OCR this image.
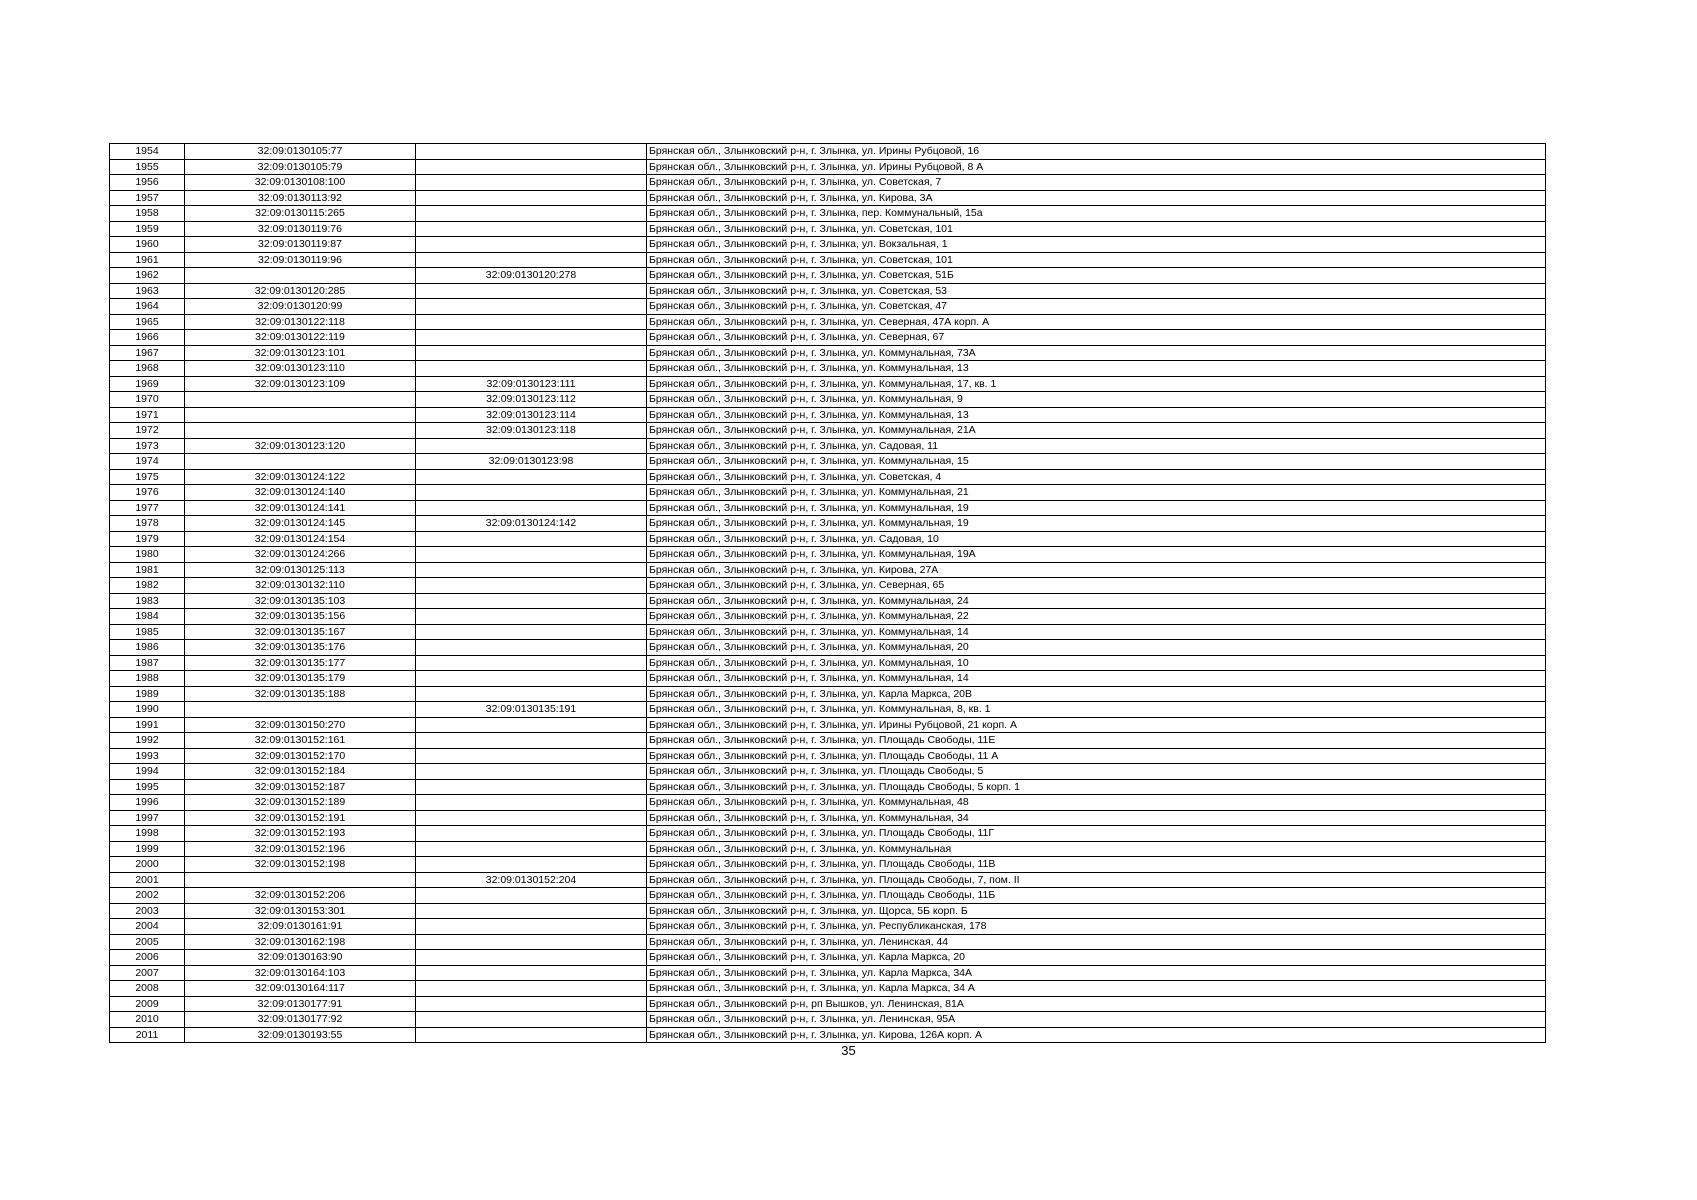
1954	32:09:0130105:77		Брянская обл., Злынковский р-н, г. Злынка, ул. Ирины Рубцовой, 16
1955	32:09:0130105:79		Брянская обл., Злынковский р-н, г. Злынка, ул. Ирины Рубцовой, 8 А
1956	32:09:0130108:100		Брянская обл., Злынковский р-н, г. Злынка, ул. Советская, 7
1957	32:09:0130113:92		Брянская обл., Злынковский р-н, г. Злынка, ул. Кирова, 3А
1958	32:09:0130115:265		Брянская обл., Злынковский р-н, г. Злынка, пер. Коммунальный, 15а
1959	32:09:0130119:76		Брянская обл., Злынковский р-н, г. Злынка, ул. Советская, 101
1960	32:09:0130119:87		Брянская обл., Злынковский р-н, г. Злынка, ул. Вокзальная, 1
1961	32:09:0130119:96		Брянская обл., Злынковский р-н, г. Злынка, ул. Советская, 101
1962		32:09:0130120:278	Брянская обл., Злынковский р-н, г. Злынка, ул. Советская, 51Б
1963	32:09:0130120:285		Брянская обл., Злынковский р-н, г. Злынка, ул. Советская, 53
1964	32:09:0130120:99		Брянская обл., Злынковский р-н, г. Злынка, ул. Советская, 47
1965	32:09:0130122:118		Брянская обл., Злынковский р-н, г. Злынка, ул. Северная, 47А корп. А
1966	32:09:0130122:119		Брянская обл., Злынковский р-н, г. Злынка, ул. Северная, 67
1967	32:09:0130123:101		Брянская обл., Злынковский р-н, г. Злынка, ул. Коммунальная, 73А
1968	32:09:0130123:110		Брянская обл., Злынковский р-н, г. Злынка, ул. Коммунальная, 13
1969	32:09:0130123:109	32:09:0130123:111	Брянская обл., Злынковский р-н, г. Злынка, ул. Коммунальная, 17, кв. 1
1970		32:09:0130123:112	Брянская обл., Злынковский р-н, г. Злынка, ул. Коммунальная, 9
1971		32:09:0130123:114	Брянская обл., Злынковский р-н, г. Злынка, ул. Коммунальная, 13
1972		32:09:0130123:118	Брянская обл., Злынковский р-н, г. Злынка, ул. Коммунальная, 21А
1973	32:09:0130123:120		Брянская обл., Злынковский р-н, г. Злынка, ул. Садовая, 11
1974		32:09:0130123:98	Брянская обл., Злынковский р-н, г. Злынка, ул. Коммунальная, 15
1975	32:09:0130124:122		Брянская обл., Злынковский р-н, г. Злынка, ул. Советская, 4
1976	32:09:0130124:140		Брянская обл., Злынковский р-н, г. Злынка, ул. Коммунальная, 21
1977	32:09:0130124:141		Брянская обл., Злынковский р-н, г. Злынка, ул. Коммунальная, 19
1978	32:09:0130124:145	32:09:0130124:142	Брянская обл., Злынковский р-н, г. Злынка, ул. Коммунальная, 19
1979	32:09:0130124:154		Брянская обл., Злынковский р-н, г. Злынка, ул. Садовая, 10
1980	32:09:0130124:266		Брянская обл., Злынковский р-н, г. Злынка, ул. Коммунальная, 19А
1981	32:09:0130125:113		Брянская обл., Злынковский р-н, г. Злынка, ул. Кирова, 27А
1982	32:09:0130132:110		Брянская обл., Злынковский р-н, г. Злынка, ул. Северная, 65
1983	32:09:0130135:103		Брянская обл., Злынковский р-н, г. Злынка, ул. Коммунальная, 24
1984	32:09:0130135:156		Брянская обл., Злынковский р-н, г. Злынка, ул. Коммунальная, 22
1985	32:09:0130135:167		Брянская обл., Злынковский р-н, г. Злынка, ул. Коммунальная, 14
1986	32:09:0130135:176		Брянская обл., Злынковский р-н, г. Злынка, ул. Коммунальная, 20
1987	32:09:0130135:177		Брянская обл., Злынковский р-н, г. Злынка, ул. Коммунальная, 10
1988	32:09:0130135:179		Брянская обл., Злынковский р-н, г. Злынка, ул. Коммунальная, 14
1989	32:09:0130135:188		Брянская обл., Злынковский р-н, г. Злынка, ул. Карла Маркса, 20В
1990		32:09:0130135:191	Брянская обл., Злынковский р-н, г. Злынка, ул. Коммунальная, 8, кв. 1
1991	32:09:0130150:270		Брянская обл., Злынковский р-н, г. Злынка, ул. Ирины Рубцовой, 21 корп. А
1992	32:09:0130152:161		Брянская обл., Злынковский р-н, г. Злынка, ул. Площадь Свободы, 11Е
1993	32:09:0130152:170		Брянская обл., Злынковский р-н, г. Злынка, ул. Площадь Свободы, 11 А
1994	32:09:0130152:184		Брянская обл., Злынковский р-н, г. Злынка, ул. Площадь Свободы, 5
1995	32:09:0130152:187		Брянская обл., Злынковский р-н, г. Злынка, ул. Площадь Свободы, 5 корп. 1
1996	32:09:0130152:189		Брянская обл., Злынковский р-н, г. Злынка, ул. Коммунальная, 48
1997	32:09:0130152:191		Брянская обл., Злынковский р-н, г. Злынка, ул. Коммунальная, 34
1998	32:09:0130152:193		Брянская обл., Злынковский р-н, г. Злынка, ул. Площадь Свободы, 11Г
1999	32:09:0130152:196		Брянская обл., Злынковский р-н, г. Злынка, ул. Коммунальная
2000	32:09:0130152:198		Брянская обл., Злынковский р-н, г. Злынка, ул. Площадь Свободы, 11В
2001		32:09:0130152:204	Брянская обл., Злынковский р-н, г. Злынка, ул. Площадь Свободы, 7, пом. II
2002	32:09:0130152:206		Брянская обл., Злынковский р-н, г. Злынка, ул. Площадь Свободы, 11Б
2003	32:09:0130153:301		Брянская обл., Злынковский р-н, г. Злынка, ул. Щорса, 5Б корп. Б
2004	32:09:0130161:91		Брянская обл., Злынковский р-н, г. Злынка, ул. Республиканская, 178
2005	32:09:0130162:198		Брянская обл., Злынковский р-н, г. Злынка, ул. Ленинская, 44
2006	32:09:0130163:90		Брянская обл., Злынковский р-н, г. Злынка, ул. Карла Маркса, 20
2007	32:09:0130164:103		Брянская обл., Злынковский р-н, г. Злынка, ул. Карла Маркса, 34А
2008	32:09:0130164:117		Брянская обл., Злынковский р-н, г. Злынка, ул. Карла Маркса, 34 А
2009	32:09:0130177:91		Брянская обл., Злынковский р-н, рп Вышков, ул. Ленинская, 81А
2010	32:09:0130177:92		Брянская обл., Злынковский р-н, г. Злынка, ул. Ленинская, 95А
2011	32:09:0130193:55		Брянская обл., Злынковский р-н, г. Злынка, ул. Кирова, 126А корп. А
35
